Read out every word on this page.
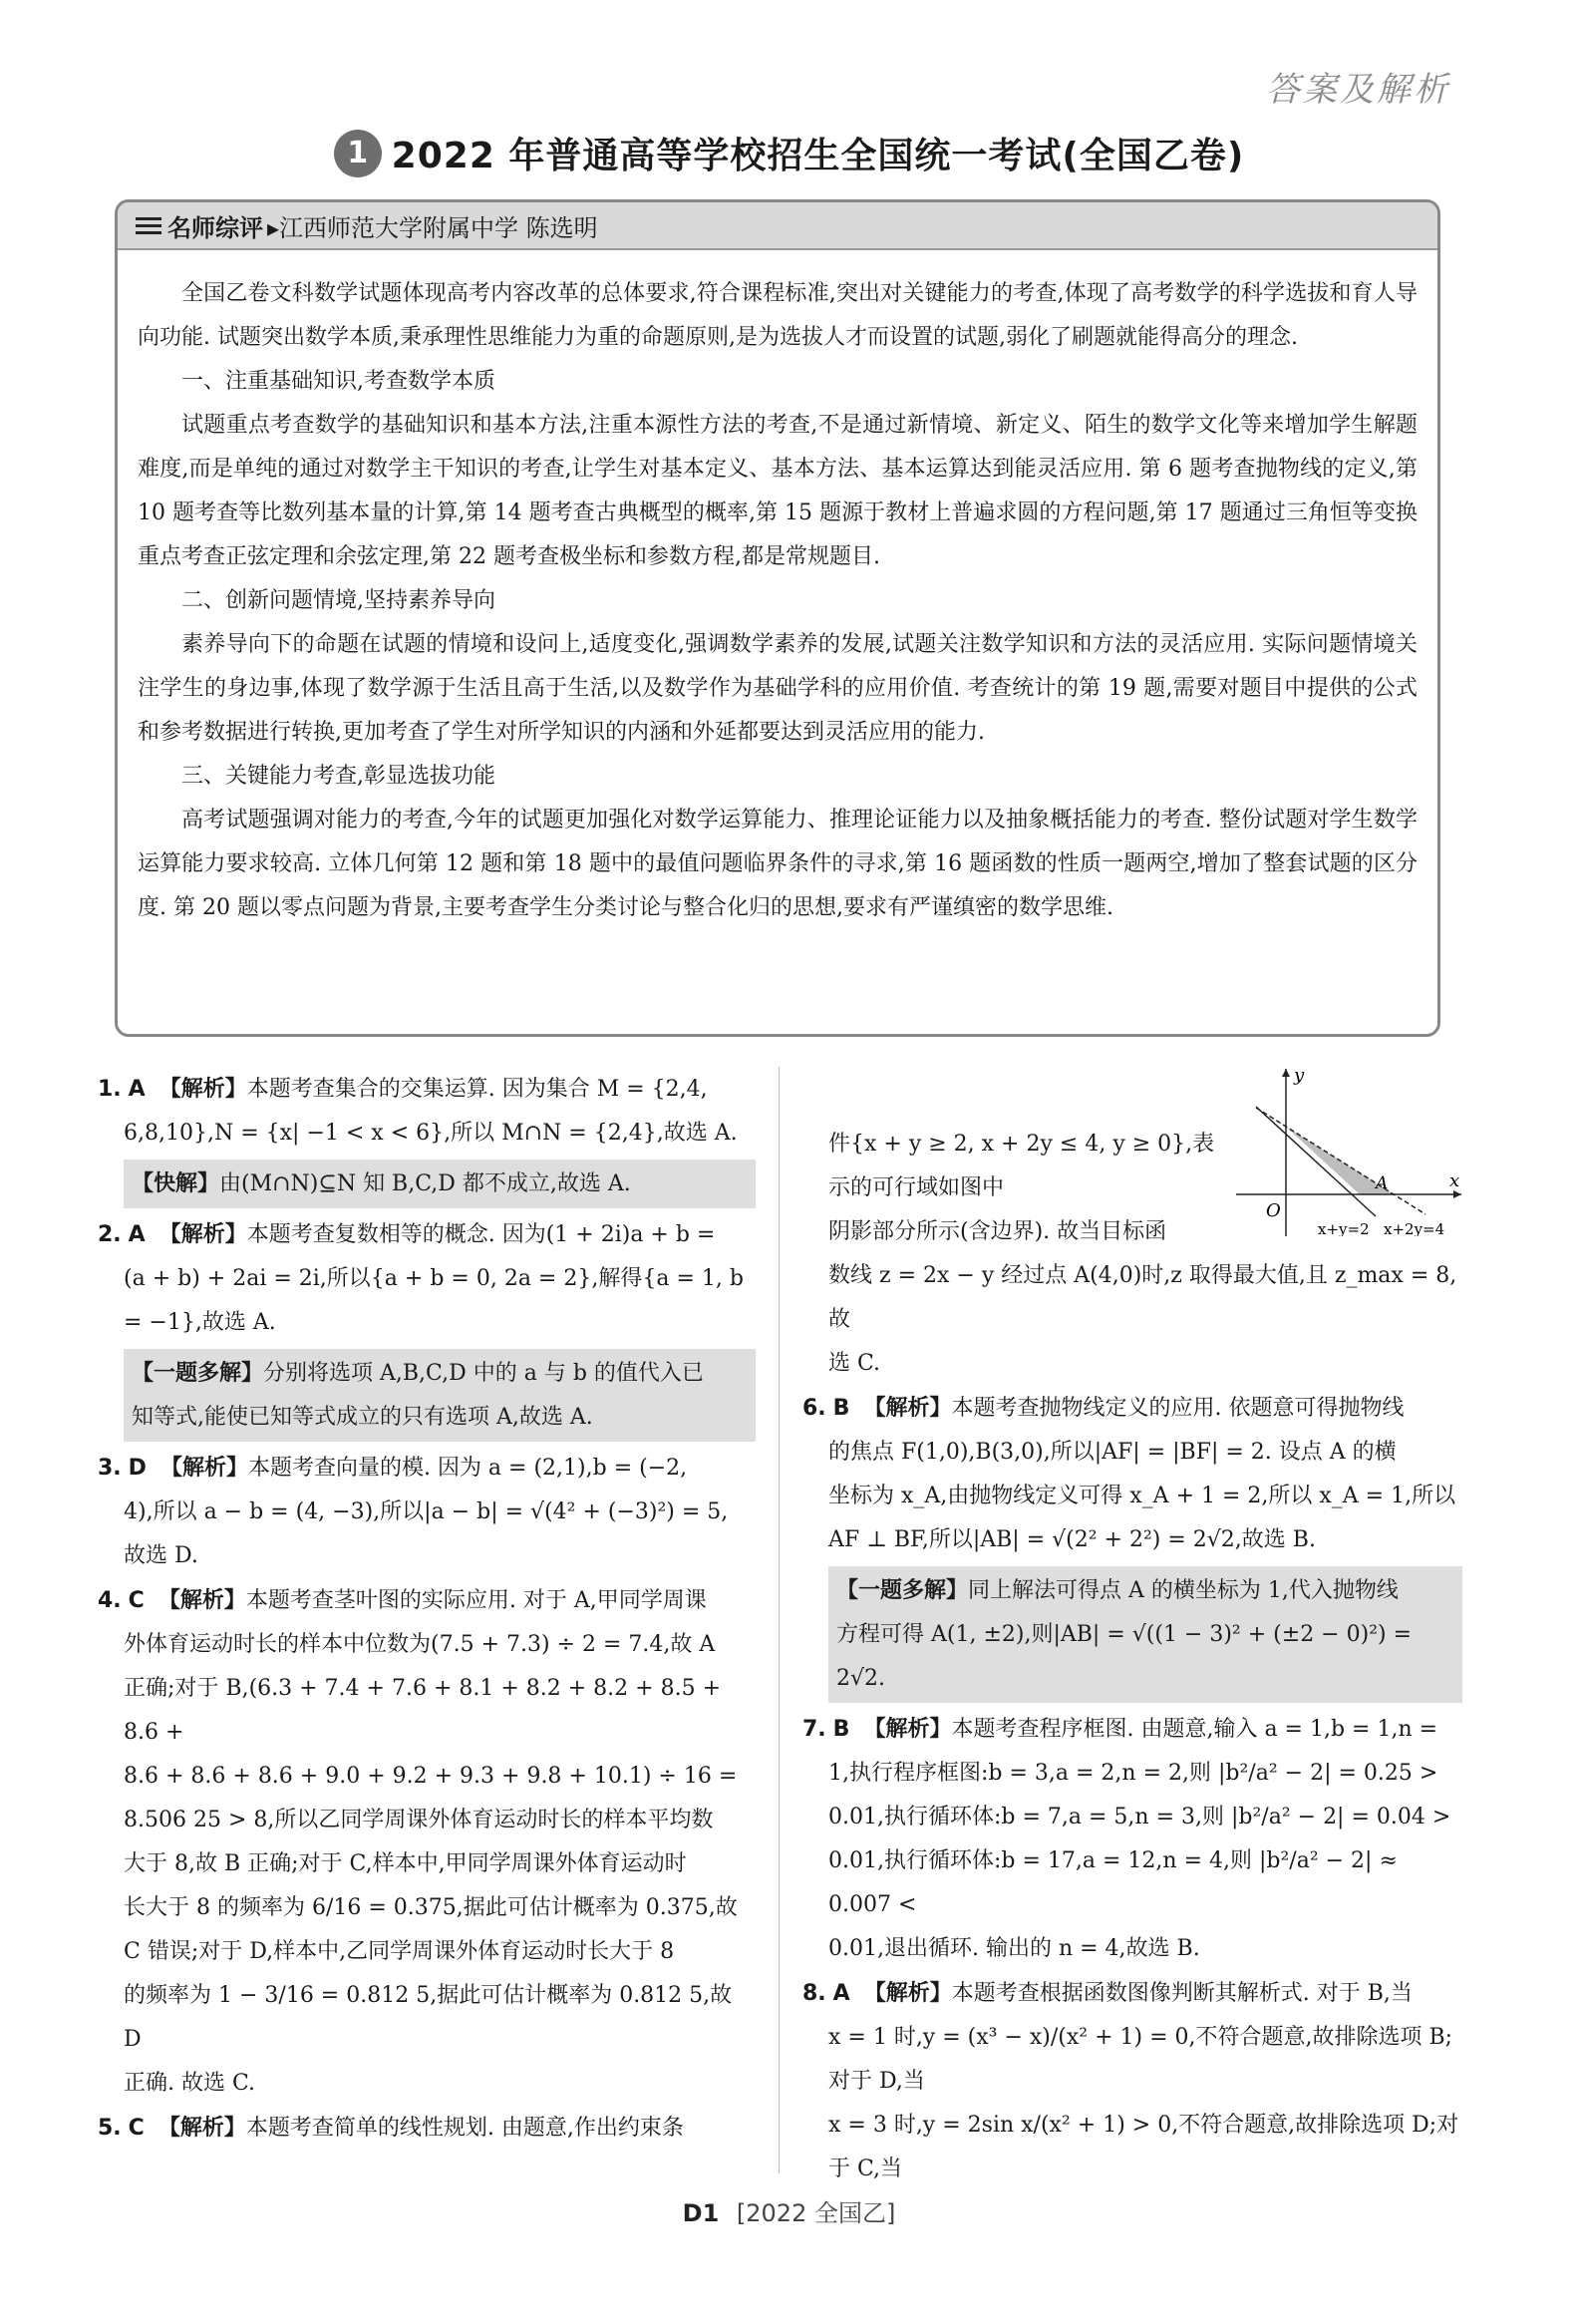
答案及解析
1 2022 年普通高等学校招生全国统一考试(全国乙卷)
名师综评 ▸江西师范大学附属中学 陈选明

全国乙卷文科数学试题体现高考内容改革的总体要求,符合课程标准,突出对关键能力的考查,体现了高考数学的科学选拔和育人导向功能. 试题突出数学本质,秉承理性思维能力为重的命题原则,是为选拔人才而设置的试题,弱化了刷题就能得高分的理念.

一、注重基础知识,考查数学本质

试题重点考查数学的基础知识和基本方法,注重本源性方法的考查,不是通过新情境、新定义、陌生的数学文化等来增加学生解题难度,而是单纯的通过对数学主干知识的考查,让学生对基本定义、基本方法、基本运算达到能灵活应用. 第 6 题考查抛物线的定义,第 10 题考查等比数列基本量的计算,第 14 题考查古典概型的概率,第 15 题源于教材上普遍求圆的方程问题,第 17 题通过三角恒等变换重点考查正弦定理和余弦定理,第 22 题考查极坐标和参数方程,都是常规题目.

二、创新问题情境,坚持素养导向

素养导向下的命题在试题的情境和设问上,适度变化,强调数学素养的发展,试题关注数学知识和方法的灵活应用. 实际问题情境关注学生的身边事,体现了数学源于生活且高于生活,以及数学作为基础学科的应用价值. 考查统计的第 19 题,需要对题目中提供的公式和参考数据进行转换,更加考查了学生对所学知识的内涵和外延都要达到灵活应用的能力.

三、关键能力考查,彰显选拔功能

高考试题强调对能力的考查,今年的试题更加强化对数学运算能力、推理论证能力以及抽象概括能力的考查. 整份试题对学生数学运算能力要求较高. 立体几何第 12 题和第 18 题中的最值问题临界条件的寻求,第 16 题函数的性质一题两空,增加了整套试题的区分度. 第 20 题以零点问题为背景,主要考查学生分类讨论与整合化归的思想,要求有严谨缜密的数学思维.

1. A 【解析】本题考查集合的交集运算. 因为集合 M = {2,4,
6,8,10},N = {x| −1 < x < 6},所以 M∩N = {2,4},故选 A.
【快解】由(M∩N)⊆N 知 B,C,D 都不成立,故选 A.
2. A 【解析】本题考查复数相等的概念. 因为(1 + 2i)a + b =
(a + b) + 2ai = 2i,所以{a + b = 0, 2a = 2},解得{a = 1, b = −1},故选 A.
【一题多解】分别将选项 A,B,C,D 中的 a 与 b 的值代入已
知等式,能使已知等式成立的只有选项 A,故选 A.
3. D 【解析】本题考查向量的模. 因为 a = (2,1),b = (−2,
4),所以 a − b = (4, −3),所以|a − b| = √(4² + (−3)²) = 5,
故选 D.
4. C 【解析】本题考查茎叶图的实际应用. 对于 A,甲同学周课
外体育运动时长的样本中位数为(7.5 + 7.3) ÷ 2 = 7.4,故 A
正确;对于 B,(6.3 + 7.4 + 7.6 + 8.1 + 8.2 + 8.2 + 8.5 + 8.6 +
8.6 + 8.6 + 8.6 + 9.0 + 9.2 + 9.3 + 9.8 + 10.1) ÷ 16 =
8.506 25 > 8,所以乙同学周课外体育运动时长的样本平均数
大于 8,故 B 正确;对于 C,样本中,甲同学周课外体育运动时
长大于 8 的频率为 6/16 = 0.375,据此可估计概率为 0.375,故
C 错误;对于 D,样本中,乙同学周课外体育运动时长大于 8
的频率为 1 − 3/16 = 0.812 5,据此可估计概率为 0.812 5,故 D
正确. 故选 C.
5. C 【解析】本题考查简单的线性规划. 由题意,作出约束条
件{x + y ≥ 2, x + 2y ≤ 4, y ≥ 0},表示的可行域如图中
阴影部分所示(含边界). 故当目标函
数线 z = 2x − y 经过点 A(4,0)时,z 取得最大值,且 z_max = 8,故
选 C.
6. B 【解析】本题考查抛物线定义的应用. 依题意可得抛物线
的焦点 F(1,0),B(3,0),所以|AF| = |BF| = 2. 设点 A 的横
坐标为 x_A,由抛物线定义可得 x_A + 1 = 2,所以 x_A = 1,所以
AF ⊥ BF,所以|AB| = √(2² + 2²) = 2√2,故选 B.
【一题多解】同上解法可得点 A 的横坐标为 1,代入抛物线
方程可得 A(1, ±2),则|AB| = √((1 − 3)² + (±2 − 0)²) =
2√2.
7. B 【解析】本题考查程序框图. 由题意,输入 a = 1,b = 1,n =
1,执行程序框图:b = 3,a = 2,n = 2,则 |b²/a² − 2| = 0.25 >
0.01,执行循环体:b = 7,a = 5,n = 3,则 |b²/a² − 2| = 0.04 >
0.01,执行循环体:b = 17,a = 12,n = 4,则 |b²/a² − 2| ≈ 0.007 <
0.01,退出循环. 输出的 n = 4,故选 B.
8. A 【解析】本题考查根据函数图像判断其解析式. 对于 B,当
x = 1 时,y = (x³ − x)/(x² + 1) = 0,不符合题意,故排除选项 B;对于 D,当
x = 3 时,y = 2sin x/(x² + 1) > 0,不符合题意,故排除选项 D;对于 C,当
y
x
O
A
x+y=2 x+2y=4
D1 [2022 全国乙]
